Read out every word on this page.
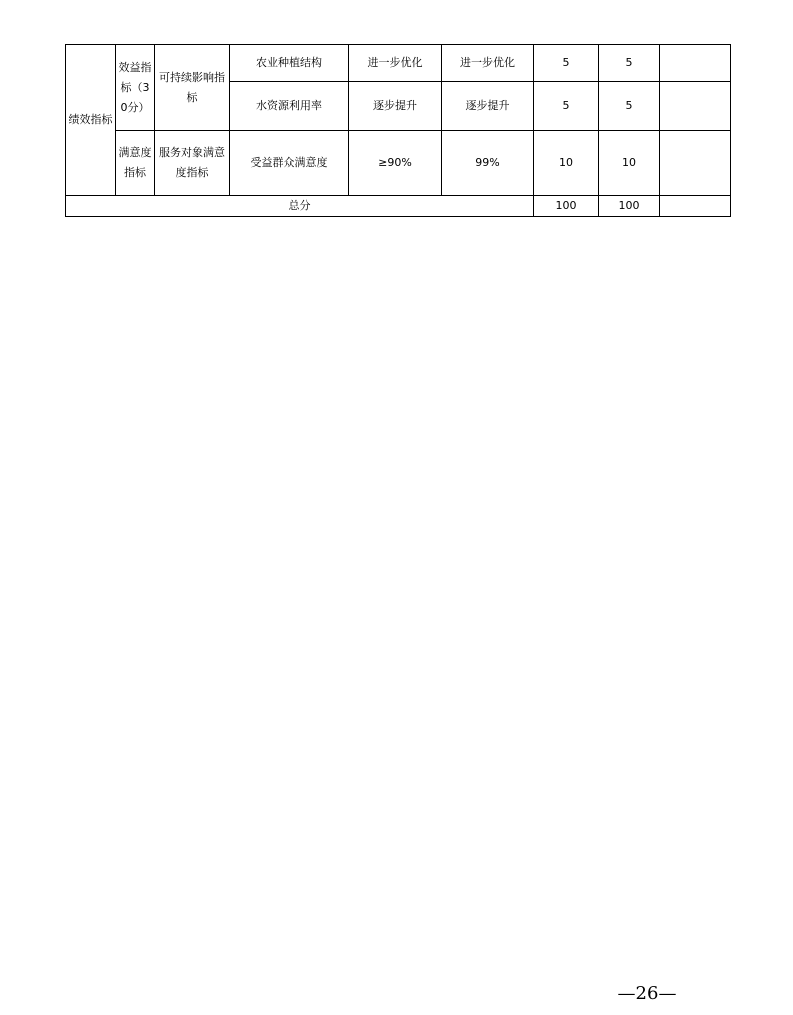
绩效指标	效益指标（30分）	可持续影响指标	农业种植结构	进一步优化	进一步优化	5	5	
			水资源利用率	逐步提升	逐步提升	5	5	
	满意度指标	服务对象满意度指标	受益群众满意度	≥90%	99%	10	10	
总分						100	100	
—26—
